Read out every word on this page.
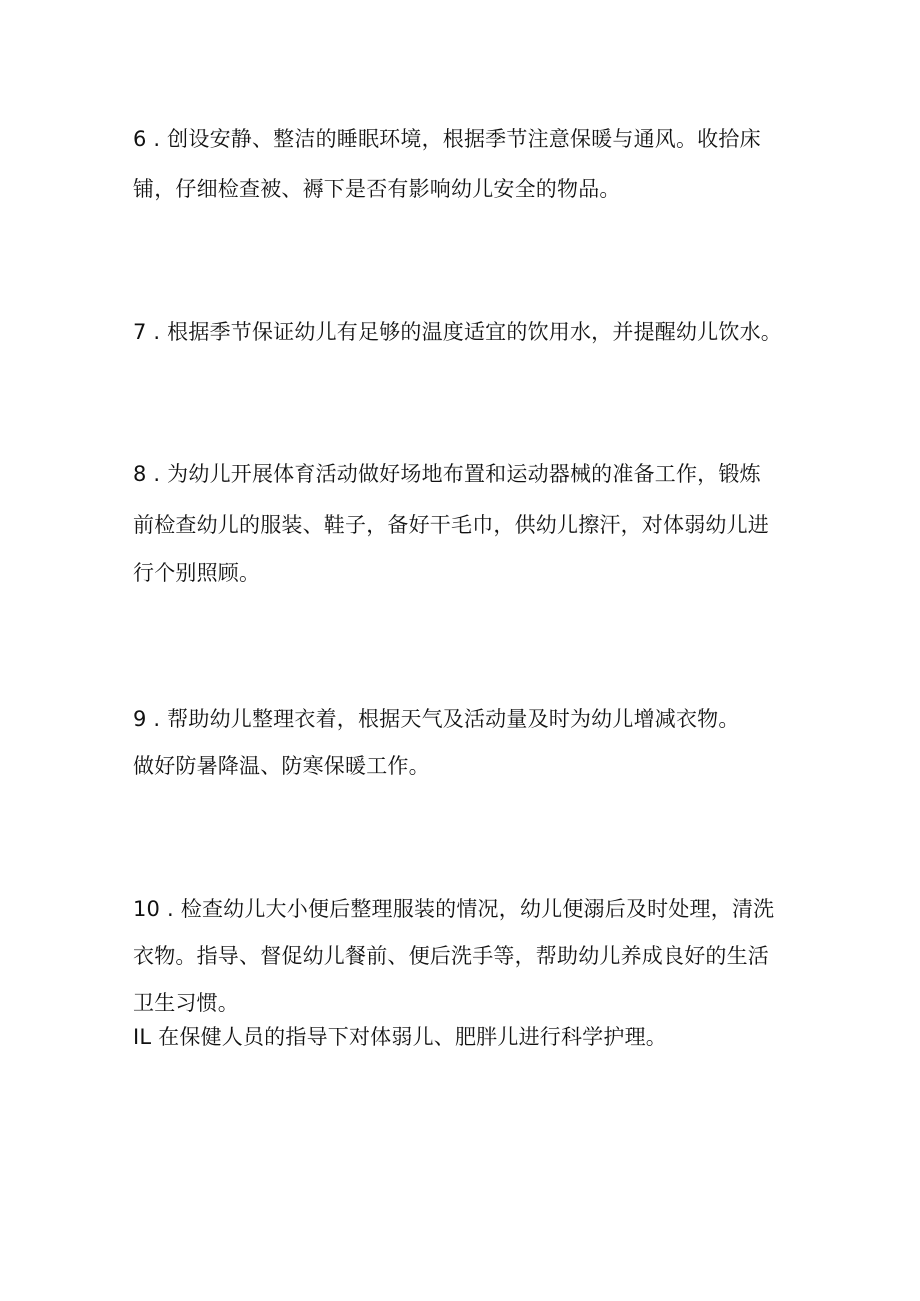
6 . 创设安静、整洁的睡眠环境，根据季节注意保暖与通风。收拾床
铺，仔细检查被、褥下是否有影响幼儿安全的物品。
7 . 根据季节保证幼儿有足够的温度适宜的饮用水，并提醒幼儿饮水。
8 . 为幼儿开展体育活动做好场地布置和运动器械的准备工作，锻炼
前检查幼儿的服装、鞋子，备好干毛巾，供幼儿擦汗，对体弱幼儿进
行个别照顾。
9 . 帮助幼儿整理衣着，根据天气及活动量及时为幼儿增减衣物。
做好防暑降温、防寒保暖工作。
10 . 检查幼儿大小便后整理服装的情况，幼儿便溺后及时处理，清洗
衣物。指导、督促幼儿餐前、便后洗手等，帮助幼儿养成良好的生活
卫生习惯。
IL 在保健人员的指导下对体弱儿、肥胖儿进行科学护理。
